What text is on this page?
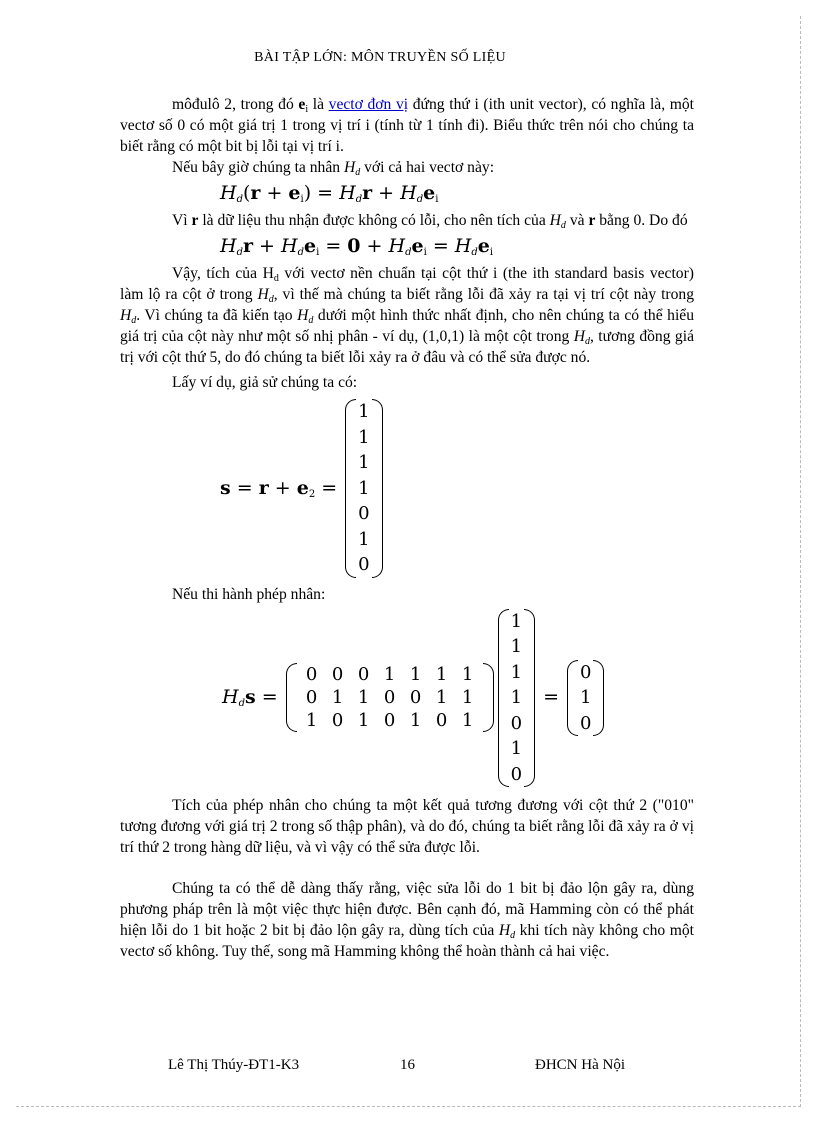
BÀI TẬP LỚN: MÔN TRUYỀN SỐ LIỆU

môđulô 2, trong đó $e_i$ là vectơ đơn vị đứng thứ i (ith unit vector), có nghĩa là, một vectơ số 0 có một giá trị 1 trong vị trí i (tính từ 1 tính đi). Biểu thức trên nói cho chúng ta biết rằng có một bit bị lỗi tại vị trí i.

Nếu bây giờ chúng ta nhân $H_d$ với cả hai vectơ này:

$H_d(r + e_i) = H_dr + H_de_i$

Vì r là dữ liệu thu nhận được không có lỗi, cho nên tích của $H_d$ và r bằng 0. Do đó

$H_dr + H_de_i = 0 + H_de_i = H_de_i$

Vậy, tích của $H_d$ với vectơ nền chuẩn tại cột thứ i (the ith standard basis vector) làm lộ ra cột ở trong $H_d$, vì thế mà chúng ta biết rằng lỗi đã xảy ra tại vị trí cột này trong $H_d$. Vì chúng ta đã kiến tạo $H_d$ dưới một hình thức nhất định, cho nên chúng ta có thể hiểu giá trị của cột này như một số nhị phân - ví dụ, (1,0,1) là một cột trong $H_d$, tương đồng giá trị với cột thứ 5, do đó chúng ta biết lỗi xảy ra ở đâu và có thể sửa được nó.

Lấy ví dụ, giả sử chúng ta có:

$s = r + e_2$ =
1
1
1
1
0
1
0

Nếu thi hành phép nhân:

$H_ds$ =
0 0 0 1 1 1 1
0 1 1 0 0 1 1
1 0 1 0 1 0 1
1
1
1
1
0
1
0
=
0
1
0

Tích của phép nhân cho chúng ta một kết quả tương đương với cột thứ 2 ("010" tương đương với giá trị 2 trong số thập phân), và do đó, chúng ta biết rằng lỗi đã xảy ra ở vị trí thứ 2 trong hàng dữ liệu, và vì vậy có thể sửa được lỗi.

Chúng ta có thể dễ dàng thấy rằng, việc sửa lỗi do 1 bit bị đảo lộn gây ra, dùng phương pháp trên là một việc thực hiện được. Bên cạnh đó, mã Hamming còn có thể phát hiện lỗi do 1 bit hoặc 2 bit bị đảo lộn gây ra, dùng tích của $H_d$ khi tích này không cho một vectơ số không. Tuy thế, song mã Hamming không thể hoàn thành cả hai việc.

Lê Thị Thúy-ĐT1-K3	16	ĐHCN Hà Nội
